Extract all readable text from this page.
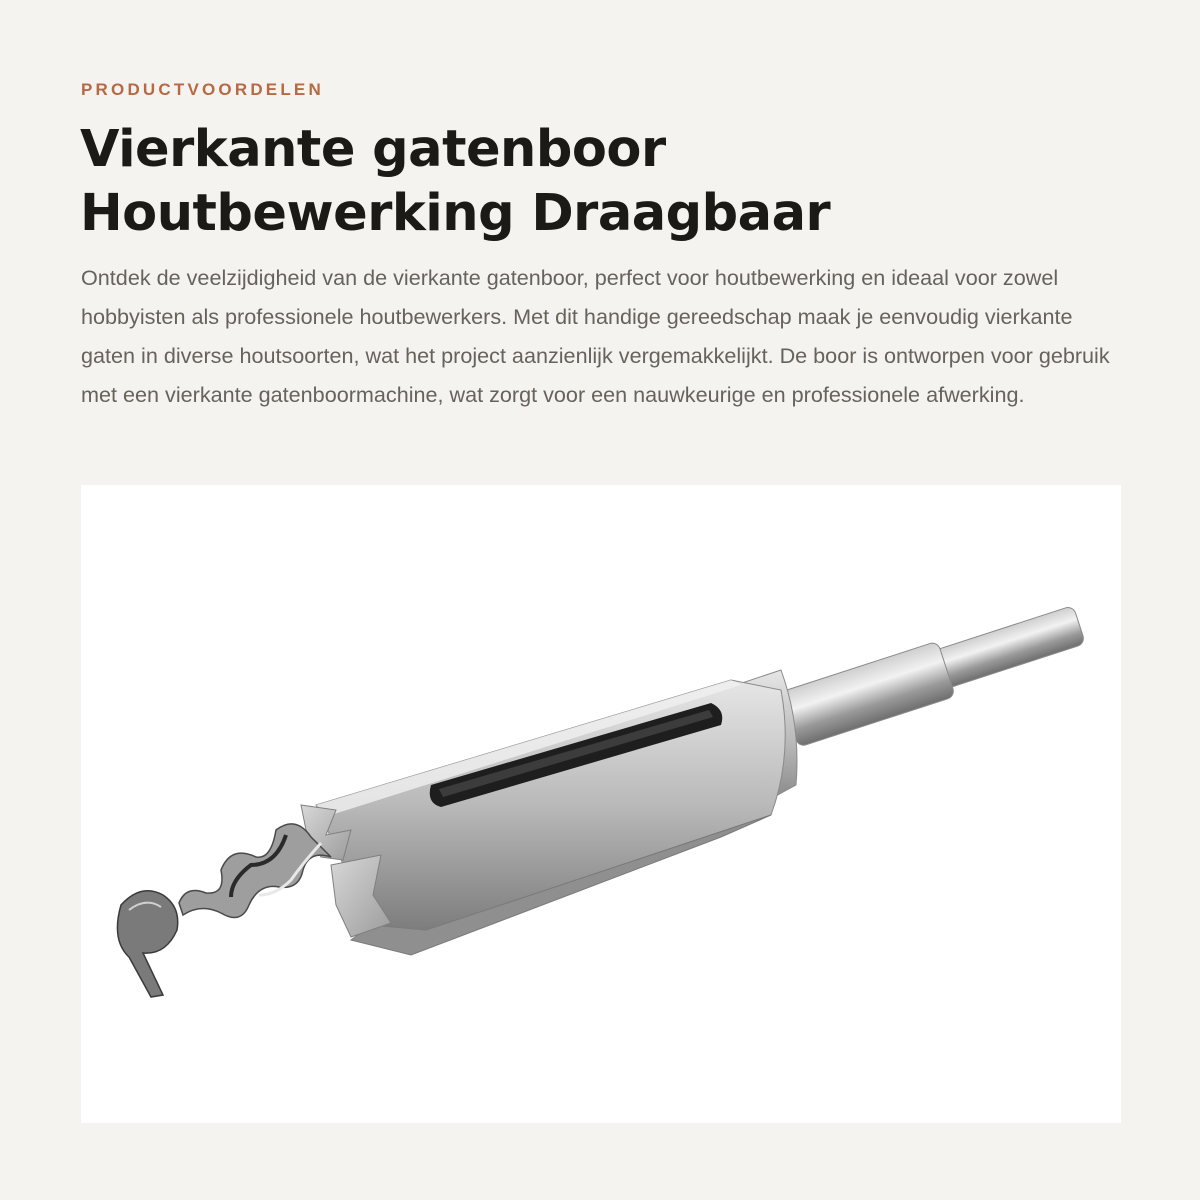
PRODUCTVOORDELEN
Vierkante gatenboor
Houtbewerking Draagbaar

Ontdek de veelzijdigheid van de vierkante gatenboor, perfect voor houtbewerking en ideaal voor zowel hobbyisten als professionele houtbewerkers. Met dit handige gereedschap maak je eenvoudig vierkante gaten in diverse houtsoorten, wat het project aanzienlijk vergemakkelijkt. De boor is ontworpen voor gebruik met een vierkante gatenboormachine, wat zorgt voor een nauwkeurige en professionele afwerking.
